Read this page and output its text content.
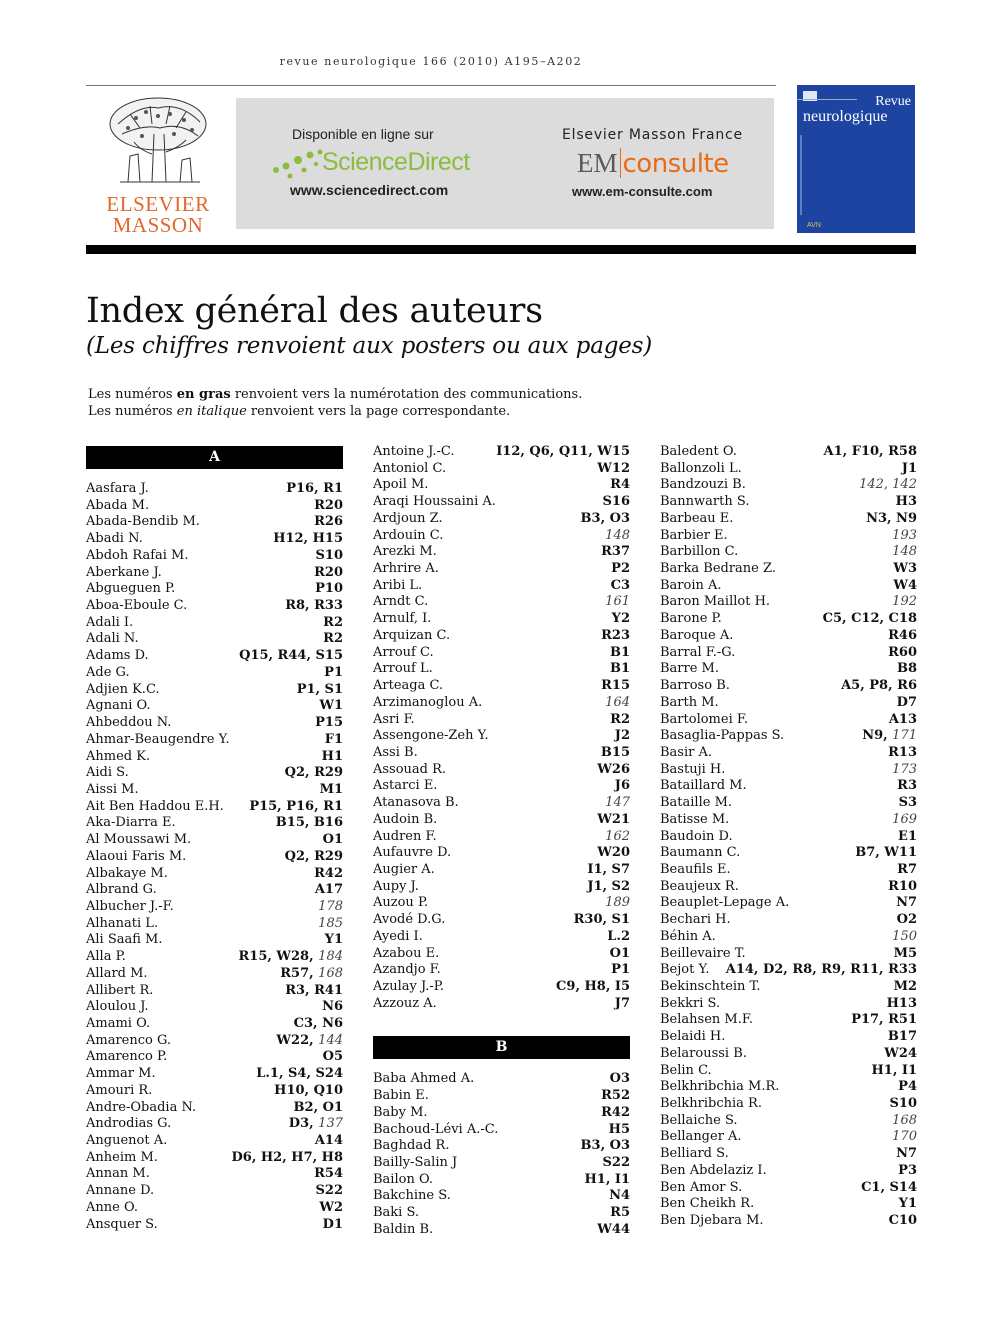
revue neurologique 166 (2010) A195–A202
ELSEVIER
MASSON
Disponible en ligne sur
ScienceDirect
www.sciencedirect.com
Elsevier Masson France
EM consulte
www.em-consulte.com
Revue
neurologique
AVN
Index général des auteurs
(Les chiffres renvoient aux posters ou aux pages)
Les numéros en gras renvoient vers la numérotation des communications.
Les numéros en italique renvoient vers la page correspondante.
A
Aasfara J.	P16, R1
Abada M.	R20
Abada-Bendib M.	R26
Abadi N.	H12, H15
Abdoh Rafai M.	S10
Aberkane J.	R20
Abgueguen P.	P10
Aboa-Eboule C.	R8, R33
Adali I.	R2
Adali N.	R2
Adams D.	Q15, R44, S15
Ade G.	P1
Adjien K.C.	P1, S1
Agnani O.	W1
Ahbeddou N.	P15
Ahmar-Beaugendre Y.	F1
Ahmed K.	H1
Aidi S.	Q2, R29
Aissi M.	M1
Ait Ben Haddou E.H. P15, P16, R1
Aka-Diarra E.	B15, B16
Al Moussawi M.	O1
Alaoui Faris M.	Q2, R29
Albakaye M.	R42
Albrand G.	A17
Albucher J.-F.	178
Alhanati L.	185
Ali Saafi M.	Y1
Alla P.	R15, W28, 184
Allard M.	R57, 168
Allibert R.	R3, R41
Aloulou J.	N6
Amami O.	C3, N6
Amarenco G.	W22, 144
Amarenco P.	O5
Ammar M.	L.1, S4, S24
Amouri R.	H10, Q10
Andre-Obadia N.	B2, O1
Androdias G.	D3, 137
Anguenot A.	A14
Anheim M.	D6, H2, H7, H8
Annan M.	R54
Annane D.	S22
Anne O.	W2
Ansquer S.	D1
Antoine J.-C.	I12, Q6, Q11, W15
Antoniol C.	W12
Apoil M.	R4
Araqi Houssaini A.	S16
Ardjoun Z.	B3, O3
Ardouin C.	148
Arezki M.	R37
Arhrire A.	P2
Aribi L.	C3
Arndt C.	161
Arnulf, I.	Y2
Arquizan C.	R23
Arrouf C.	B1
Arrouf L.	B1
Arteaga C.	R15
Arzimanoglou A.	164
Asri F.	R2
Assengone-Zeh Y.	J2
Assi B.	B15
Assouad R.	W26
Astarci E.	J6
Atanasova B.	147
Audoin B.	W21
Audren F.	162
Aufauvre D.	W20
Augier A.	I1, S7
Aupy J.	J1, S2
Auzou P.	189
Avodé D.G.	R30, S1
Ayedi I.	L.2
Azabou E.	O1
Azandjo F.	P1
Azulay J.-P.	C9, H8, I5
Azzouz A.	J7
B
Baba Ahmed A.	O3
Babin E.	R52
Baby M.	R42
Bachoud-Lévi A.-C.	H5
Baghdad R.	B3, O3
Bailly-Salin J	S22
Bailon O.	H1, I1
Bakchine S.	N4
Baki S.	R5
Baldin B.	W44
Baledent O.	A1, F10, R58
Ballonzoli L.	J1
Bandzouzi B.	142, 142
Bannwarth S.	H3
Barbeau E.	N3, N9
Barbier E.	193
Barbillon C.	148
Barka Bedrane Z.	W3
Baroin A.	W4
Baron Maillot H.	192
Barone P.	C5, C12, C18
Baroque A.	R46
Barral F.-G.	R60
Barre M.	B8
Barroso B.	A5, P8, R6
Barth M.	D7
Bartolomei F.	A13
Basaglia-Pappas S.	N9, 171
Basir A.	R13
Bastuji H.	173
Bataillard M.	R3
Bataille M.	S3
Batisse M.	169
Baudoin D.	E1
Baumann C.	B7, W11
Beaufils E.	R7
Beaujeux R.	R10
Beauplet-Lepage A.	N7
Bechari H.	O2
Béhin A.	150
Beillevaire T.	M5
Bejot Y. A14, D2, R8, R9, R11, R33
Bekinschtein T.	M2
Bekkri S.	H13
Belahsen M.F.	P17, R51
Belaidi H.	B17
Belaroussi B.	W24
Belin C.	H1, I1
Belkhribchia M.R.	P4
Belkhribchia R.	S10
Bellaiche S.	168
Bellanger A.	170
Belliard S.	N7
Ben Abdelaziz I.	P3
Ben Amor S.	C1, S14
Ben Cheikh R.	Y1
Ben Djebara M.	C10
